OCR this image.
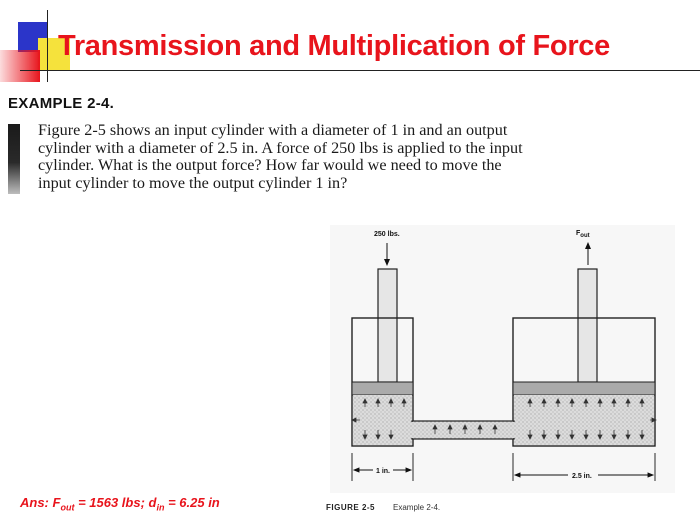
Transmission and Multiplication of Force
EXAMPLE 2-4.

Figure 2-5 shows an input cylinder with a diameter of 1 in and an output
cylinder with a diameter of 2.5 in. A force of 250 lbs is applied to the input
cylinder. What is the output force? How far would we need to move the
input cylinder to move the output cylinder 1 in?

250 lbs.	Fout
1 in.
2.5 in.
Ans: $F_{out} = 1563$ lbs; $d_{in} = 6.25$ in	FIGURE 2-5 Example 2-4.
